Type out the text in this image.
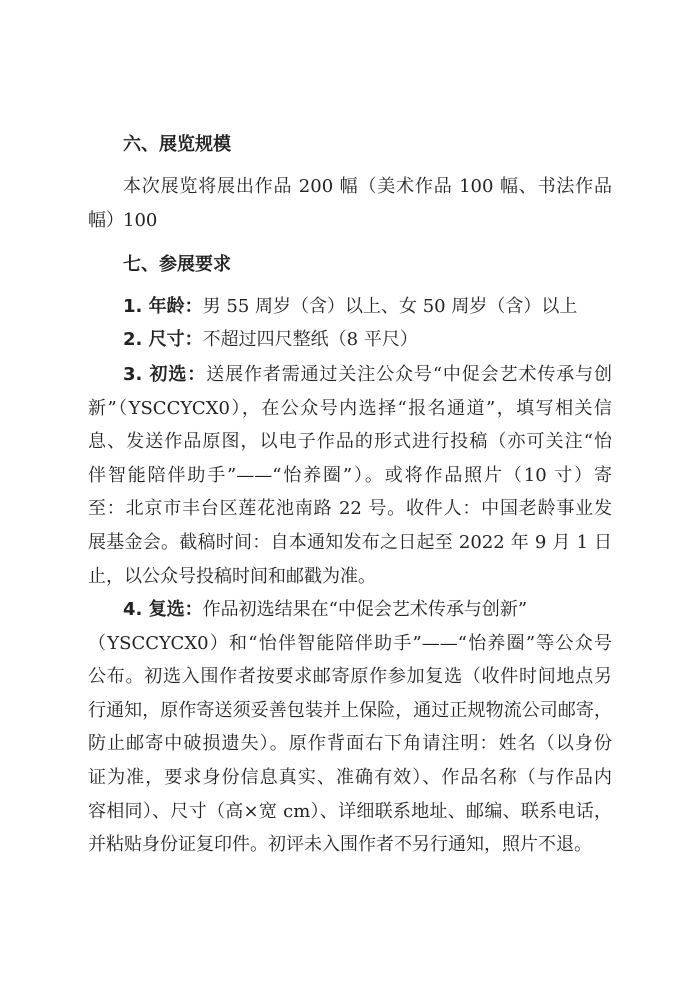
六、展览规模
本次展览将展出作品 200 幅（美术作品 100 幅、书法作品 100
幅）
七、参展要求
1. 年龄：男 55 周岁（含）以上、女 50 周岁（含）以上
2. 尺寸：不超过四尺整纸（8 平尺）
3. 初选：送展作者需通过关注公众号“中促会艺术传承与创
新”（YSCCYCX0），在公众号内选择“报名通道”，填写相关信
息、发送作品原图，以电子作品的形式进行投稿（亦可关注“怡
伴智能陪伴助手”——“怡养圈”）。或将作品照片（10 寸）寄
至：北京市丰台区莲花池南路 22 号。收件人：中国老龄事业发
展基金会。截稿时间：自本通知发布之日起至 2022 年 9 月 1 日
止，以公众号投稿时间和邮戳为准。
4. 复选：作品初选结果在“中促会艺术传承与创新”
（YSCCYCX0）和“怡伴智能陪伴助手”——“怡养圈”等公众号
公布。初选入围作者按要求邮寄原作参加复选（收件时间地点另
行通知，原作寄送须妥善包装并上保险，通过正规物流公司邮寄，
防止邮寄中破损遗失）。原作背面右下角请注明：姓名（以身份
证为准，要求身份信息真实、准确有效）、作品名称（与作品内
容相同）、尺寸（高×宽 cm）、详细联系地址、邮编、联系电话，
并粘贴身份证复印件。初评未入围作者不另行通知，照片不退。
